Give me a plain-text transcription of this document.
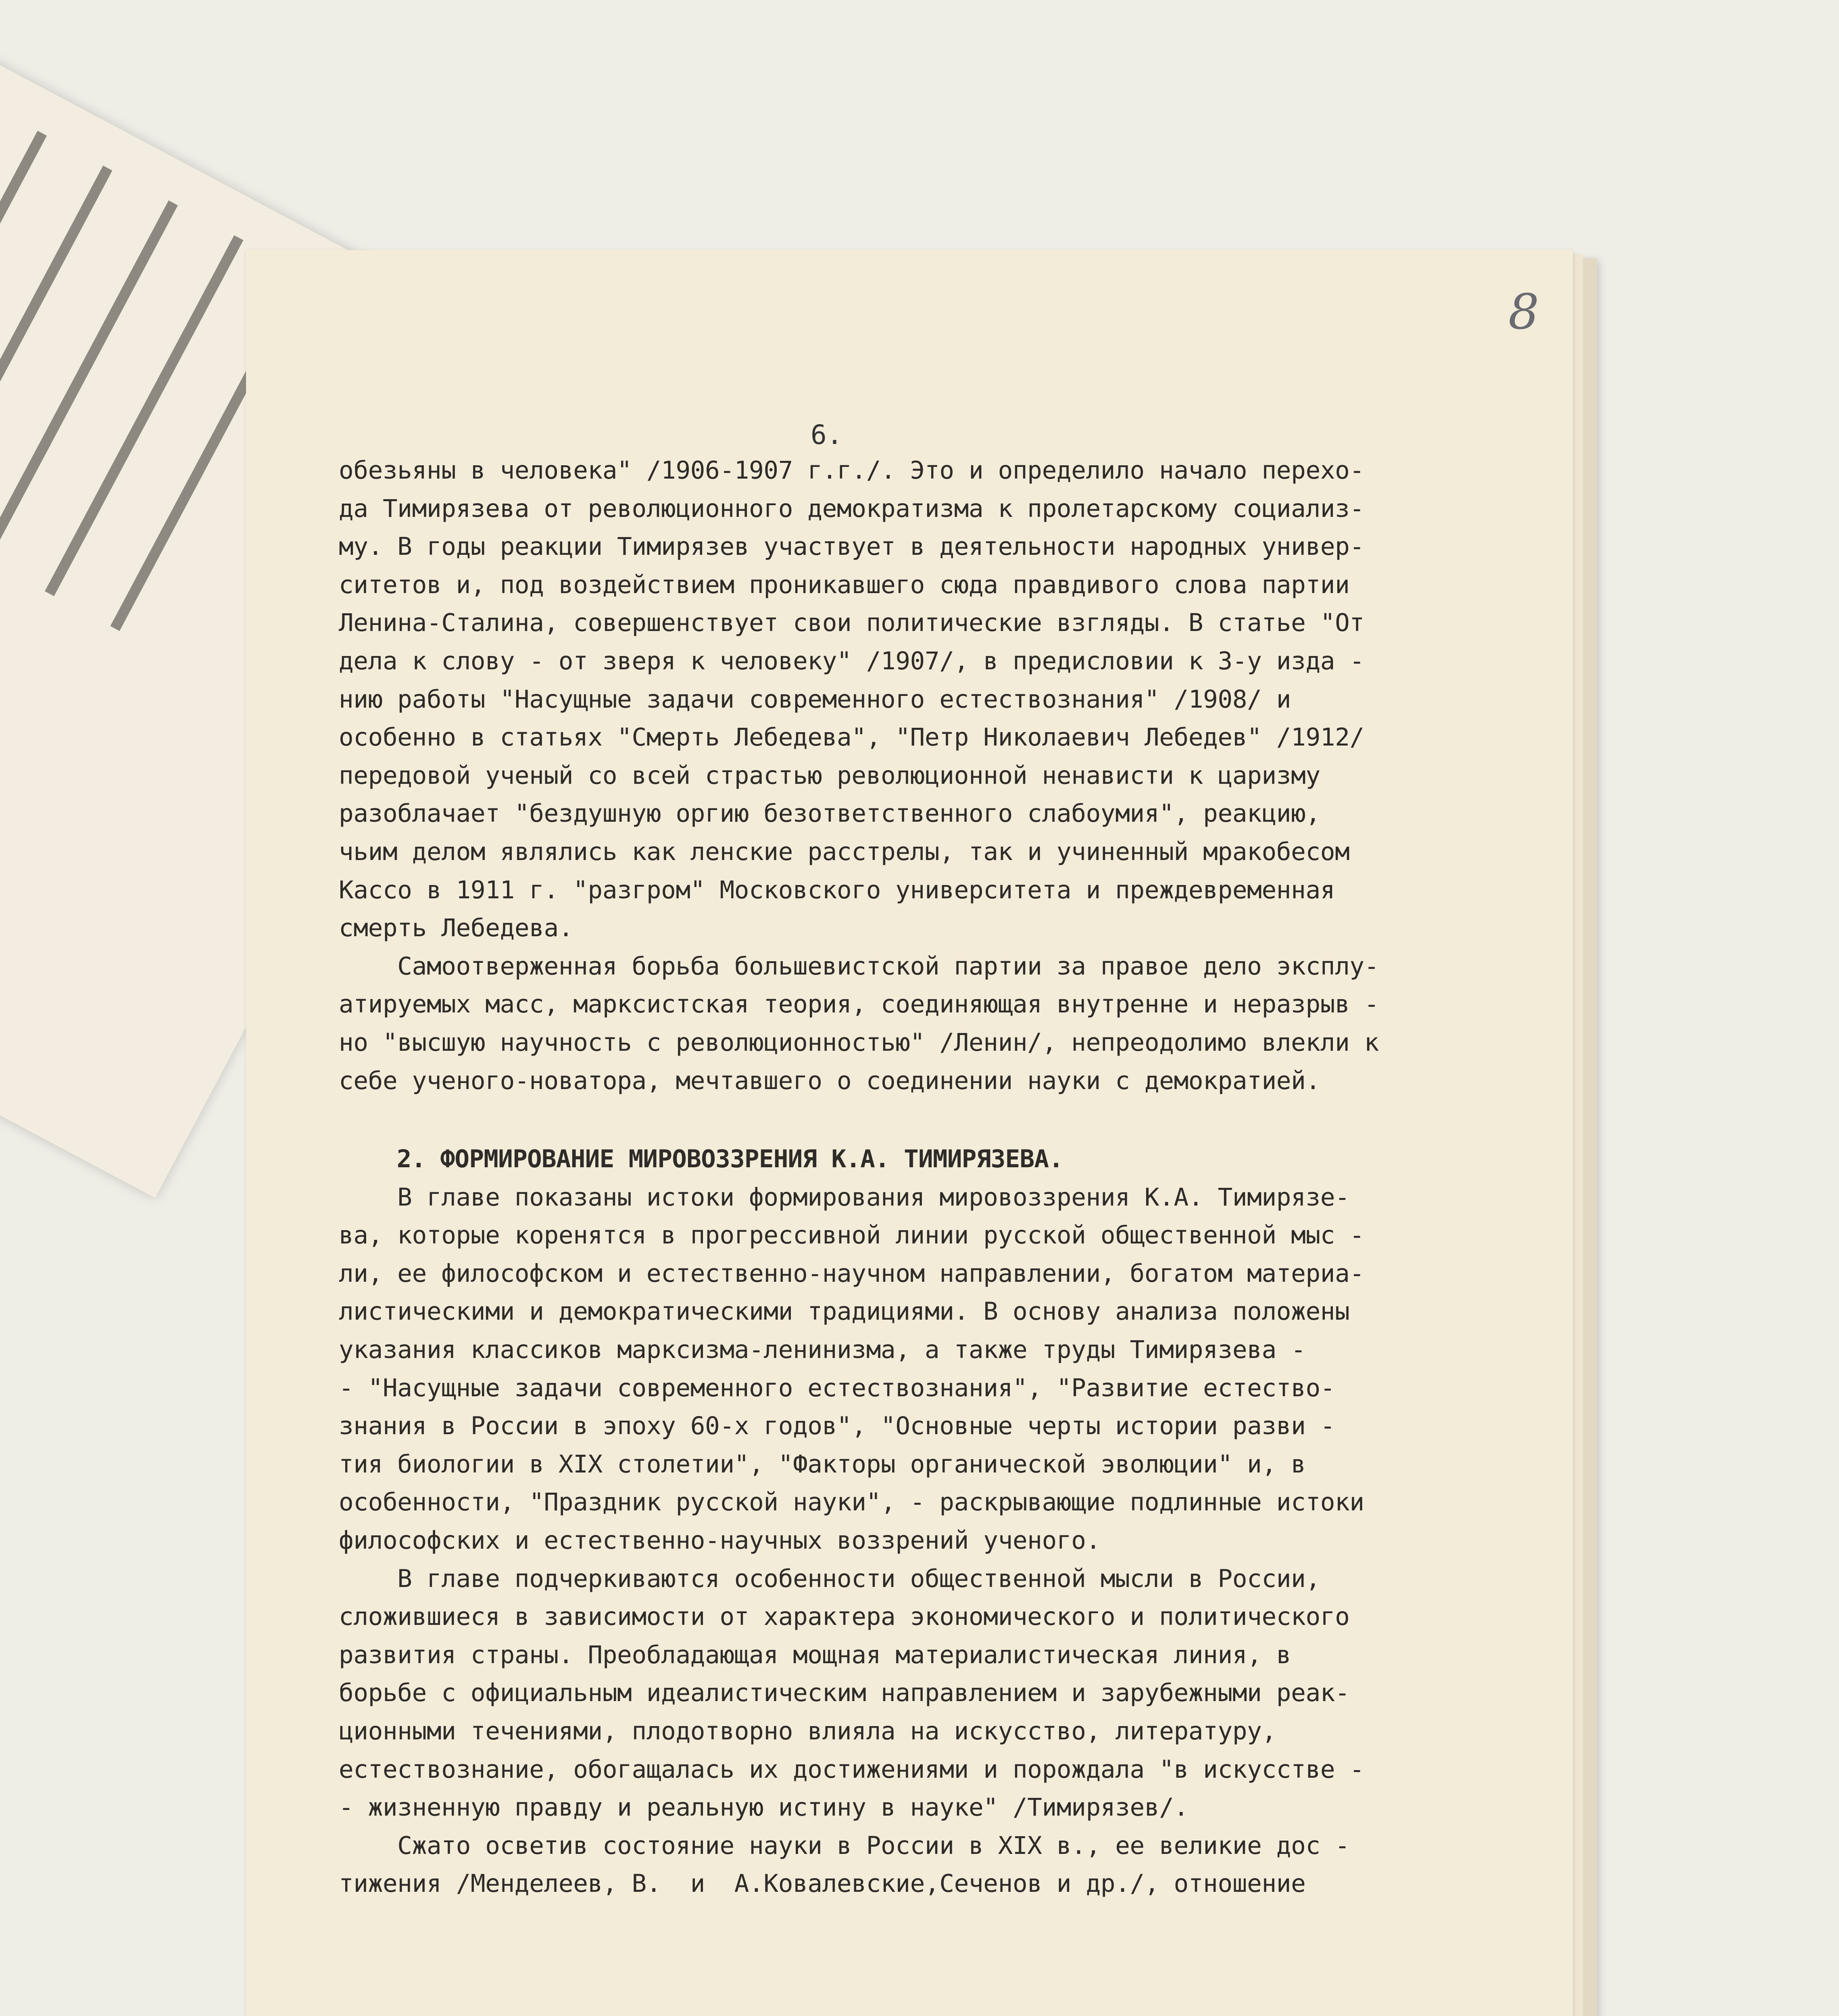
8
6.
обезьяны в человека" /1906-1907 г.г./. Это и определило начало перехо-
да Тимирязева от революционного демократизма к пролетарскому социализ-
му. В годы реакции Тимирязев участвует в деятельности народных универ-
ситетов и, под воздействием проникавшего сюда правдивого слова партии
Ленина-Сталина, совершенствует свои политические взгляды. В статье "От
дела к слову - от зверя к человеку" /1907/, в предисловии к 3-у изда -
нию работы "Насущные задачи современного естествознания" /1908/ и
особенно в статьях "Смерть Лебедева", "Петр Николаевич Лебедев" /1912/
передовой ученый со всей страстью революционной ненависти к царизму
разоблачает "бездушную оргию безответственного слабоумия", реакцию,
чьим делом являлись как ленские расстрелы, так и учиненный мракобесом
Кассо в 1911 г. "разгром" Московского университета и преждевременная
смерть Лебедева.
Самоотверженная борьба большевистской партии за правое дело эксплу-
атируемых масс, марксистская теория, соединяющая внутренне и неразрыв -
но "высшую научность с революционностью" /Ленин/, непреодолимо влекли к
себе ученого-новатора, мечтавшего о соединении науки с демократией.
2. ФОРМИРОВАНИЕ МИРОВОЗЗРЕНИЯ К.А. ТИМИРЯЗЕВА.
В главе показаны истоки формирования мировоззрения К.А. Тимирязе-
ва, которые коренятся в прогрессивной линии русской общественной мыс -
ли, ее философском и естественно-научном направлении, богатом материа-
листическими и демократическими традициями. В основу анализа положены
указания классиков марксизма-ленинизма, а также труды Тимирязева -
- "Насущные задачи современного естествознания", "Развитие естество-
знания в России в эпоху 60-х годов", "Основные черты истории разви -
тия биологии в XIX столетии", "Факторы органической эволюции" и, в
особенности, "Праздник русской науки", - раскрывающие подлинные истоки
философских и естественно-научных воззрений ученого.
В главе подчеркиваются особенности общественной мысли в России,
сложившиеся в зависимости от характера экономического и политического
развития страны. Преобладающая мощная материалистическая линия, в
борьбе с официальным идеалистическим направлением и зарубежными реак-
ционными течениями, плодотворно влияла на искусство, литературу,
естествознание, обогащалась их достижениями и порождала "в искусстве -
- жизненную правду и реальную истину в науке" /Тимирязев/.
Сжато осветив состояние науки в России в XIX в., ее великие дос -
тижения /Менделеев, В.  и  А.Ковалевские,Сеченов и др./, отношение
